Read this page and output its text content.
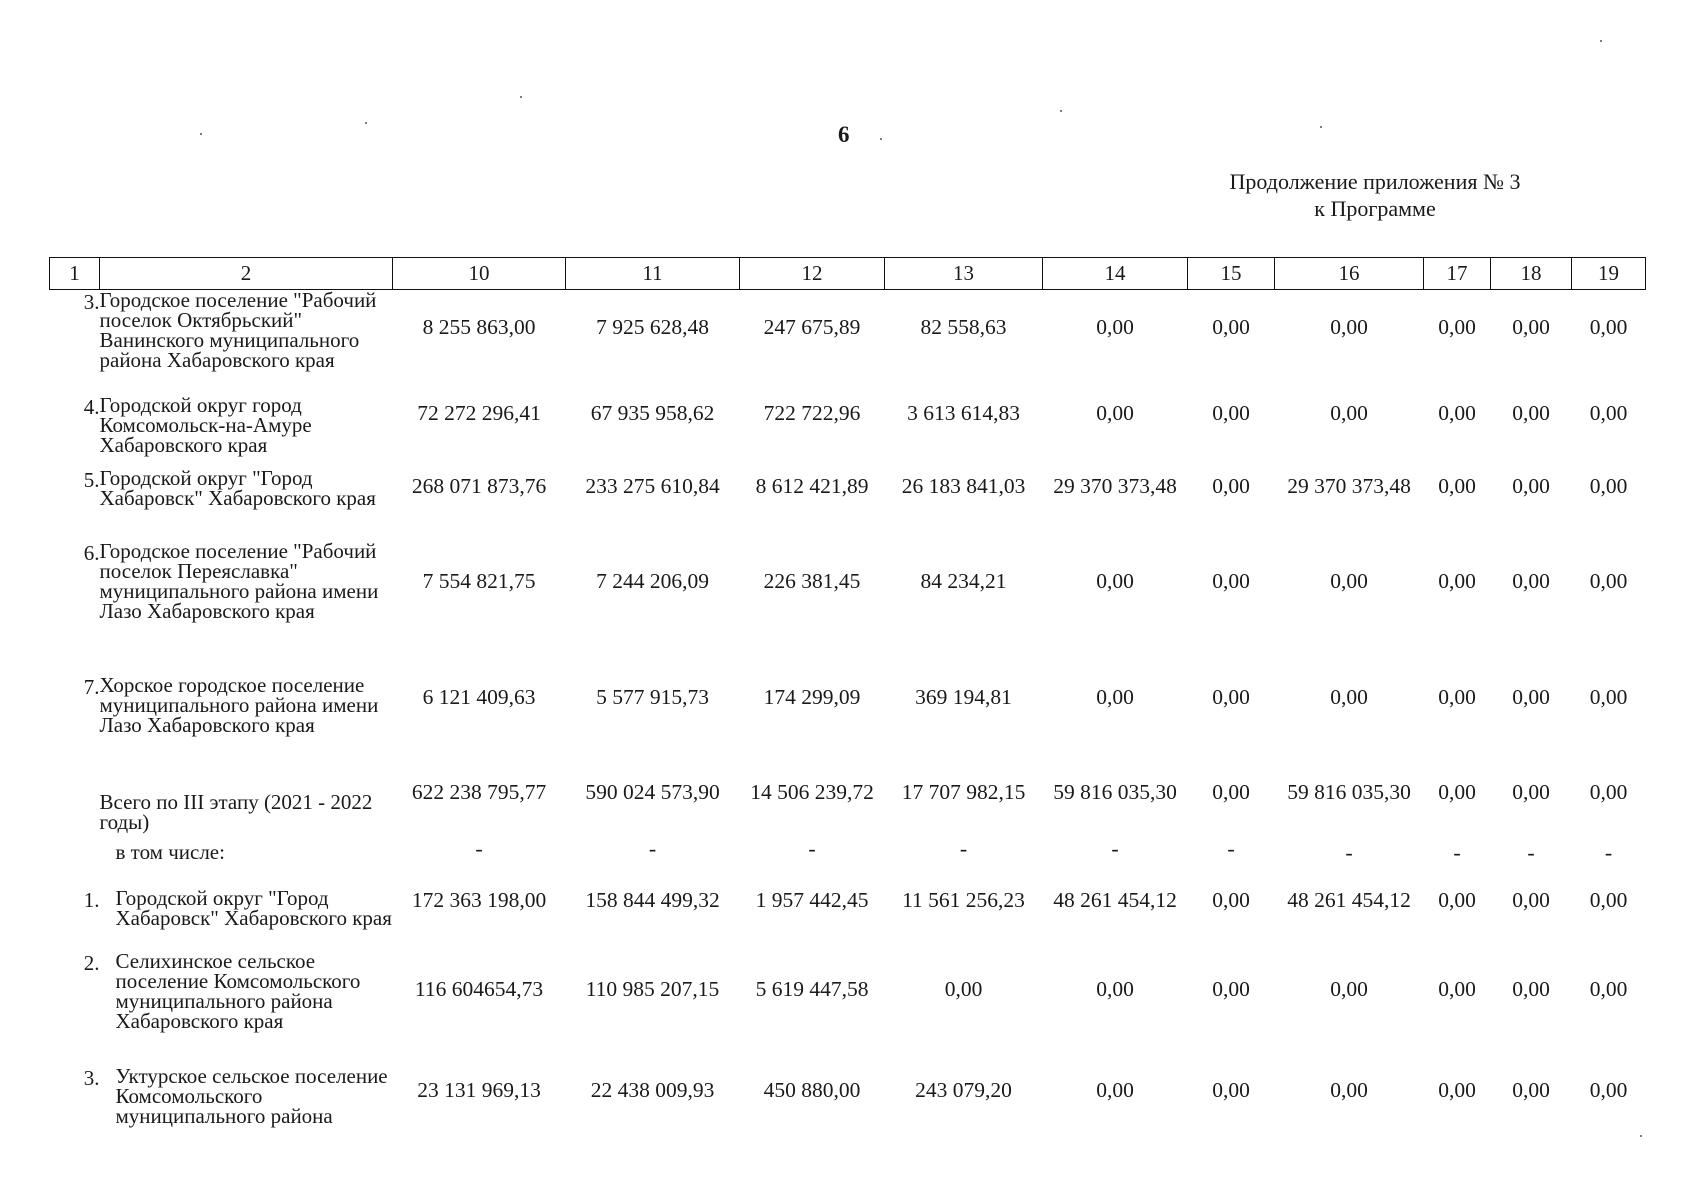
6
Продолжение приложения № 3
к Программе
1	2	10	11	12	13	14	15	16	17	18	19
3.	Городское поселение "Рабочий поселок Октябрьский" Ванинского муниципального района Хабаровского края	8 255 863,00	7 925 628,48	247 675,89	82 558,63	0,00	0,00	0,00	0,00	0,00	0,00
4.	Городской округ город Комсомольск-на-Амуре Хабаровского края	72 272 296,41	67 935 958,62	722 722,96	3 613 614,83	0,00	0,00	0,00	0,00	0,00	0,00
5.	Городской округ "Город Хабаровск" Хабаровского края	268 071 873,76	233 275 610,84	8 612 421,89	26 183 841,03	29 370 373,48	0,00	29 370 373,48	0,00	0,00	0,00
6.	Городское поселение "Рабочий поселок Переяславка" муниципального района имени Лазо Хабаровского края	7 554 821,75	7 244 206,09	226 381,45	84 234,21	0,00	0,00	0,00	0,00	0,00	0,00
7.	Хорское городское поселение муниципального района имени Лазо Хабаровского края	6 121 409,63	5 577 915,73	174 299,09	369 194,81	0,00	0,00	0,00	0,00	0,00	0,00
	Всего по III этапу (2021 - 2022 годы)	622 238 795,77	590 024 573,90	14 506 239,72	17 707 982,15	59 816 035,30	0,00	59 816 035,30	0,00	0,00	0,00
	в том числе:	-	-	-	-	-	-	-	-	-	-
1.	Городской округ "Город Хабаровск" Хабаровского края	172 363 198,00	158 844 499,32	1 957 442,45	11 561 256,23	48 261 454,12	0,00	48 261 454,12	0,00	0,00	0,00
2.	Селихинское сельское поселение Комсомольского муниципального района Хабаровского края	116 604654,73	110 985 207,15	5 619 447,58	0,00	0,00	0,00	0,00	0,00	0,00	0,00
3.	Уктурское сельское поселение Комсомольского муниципального района	23 131 969,13	22 438 009,93	450 880,00	243 079,20	0,00	0,00	0,00	0,00	0,00	0,00
